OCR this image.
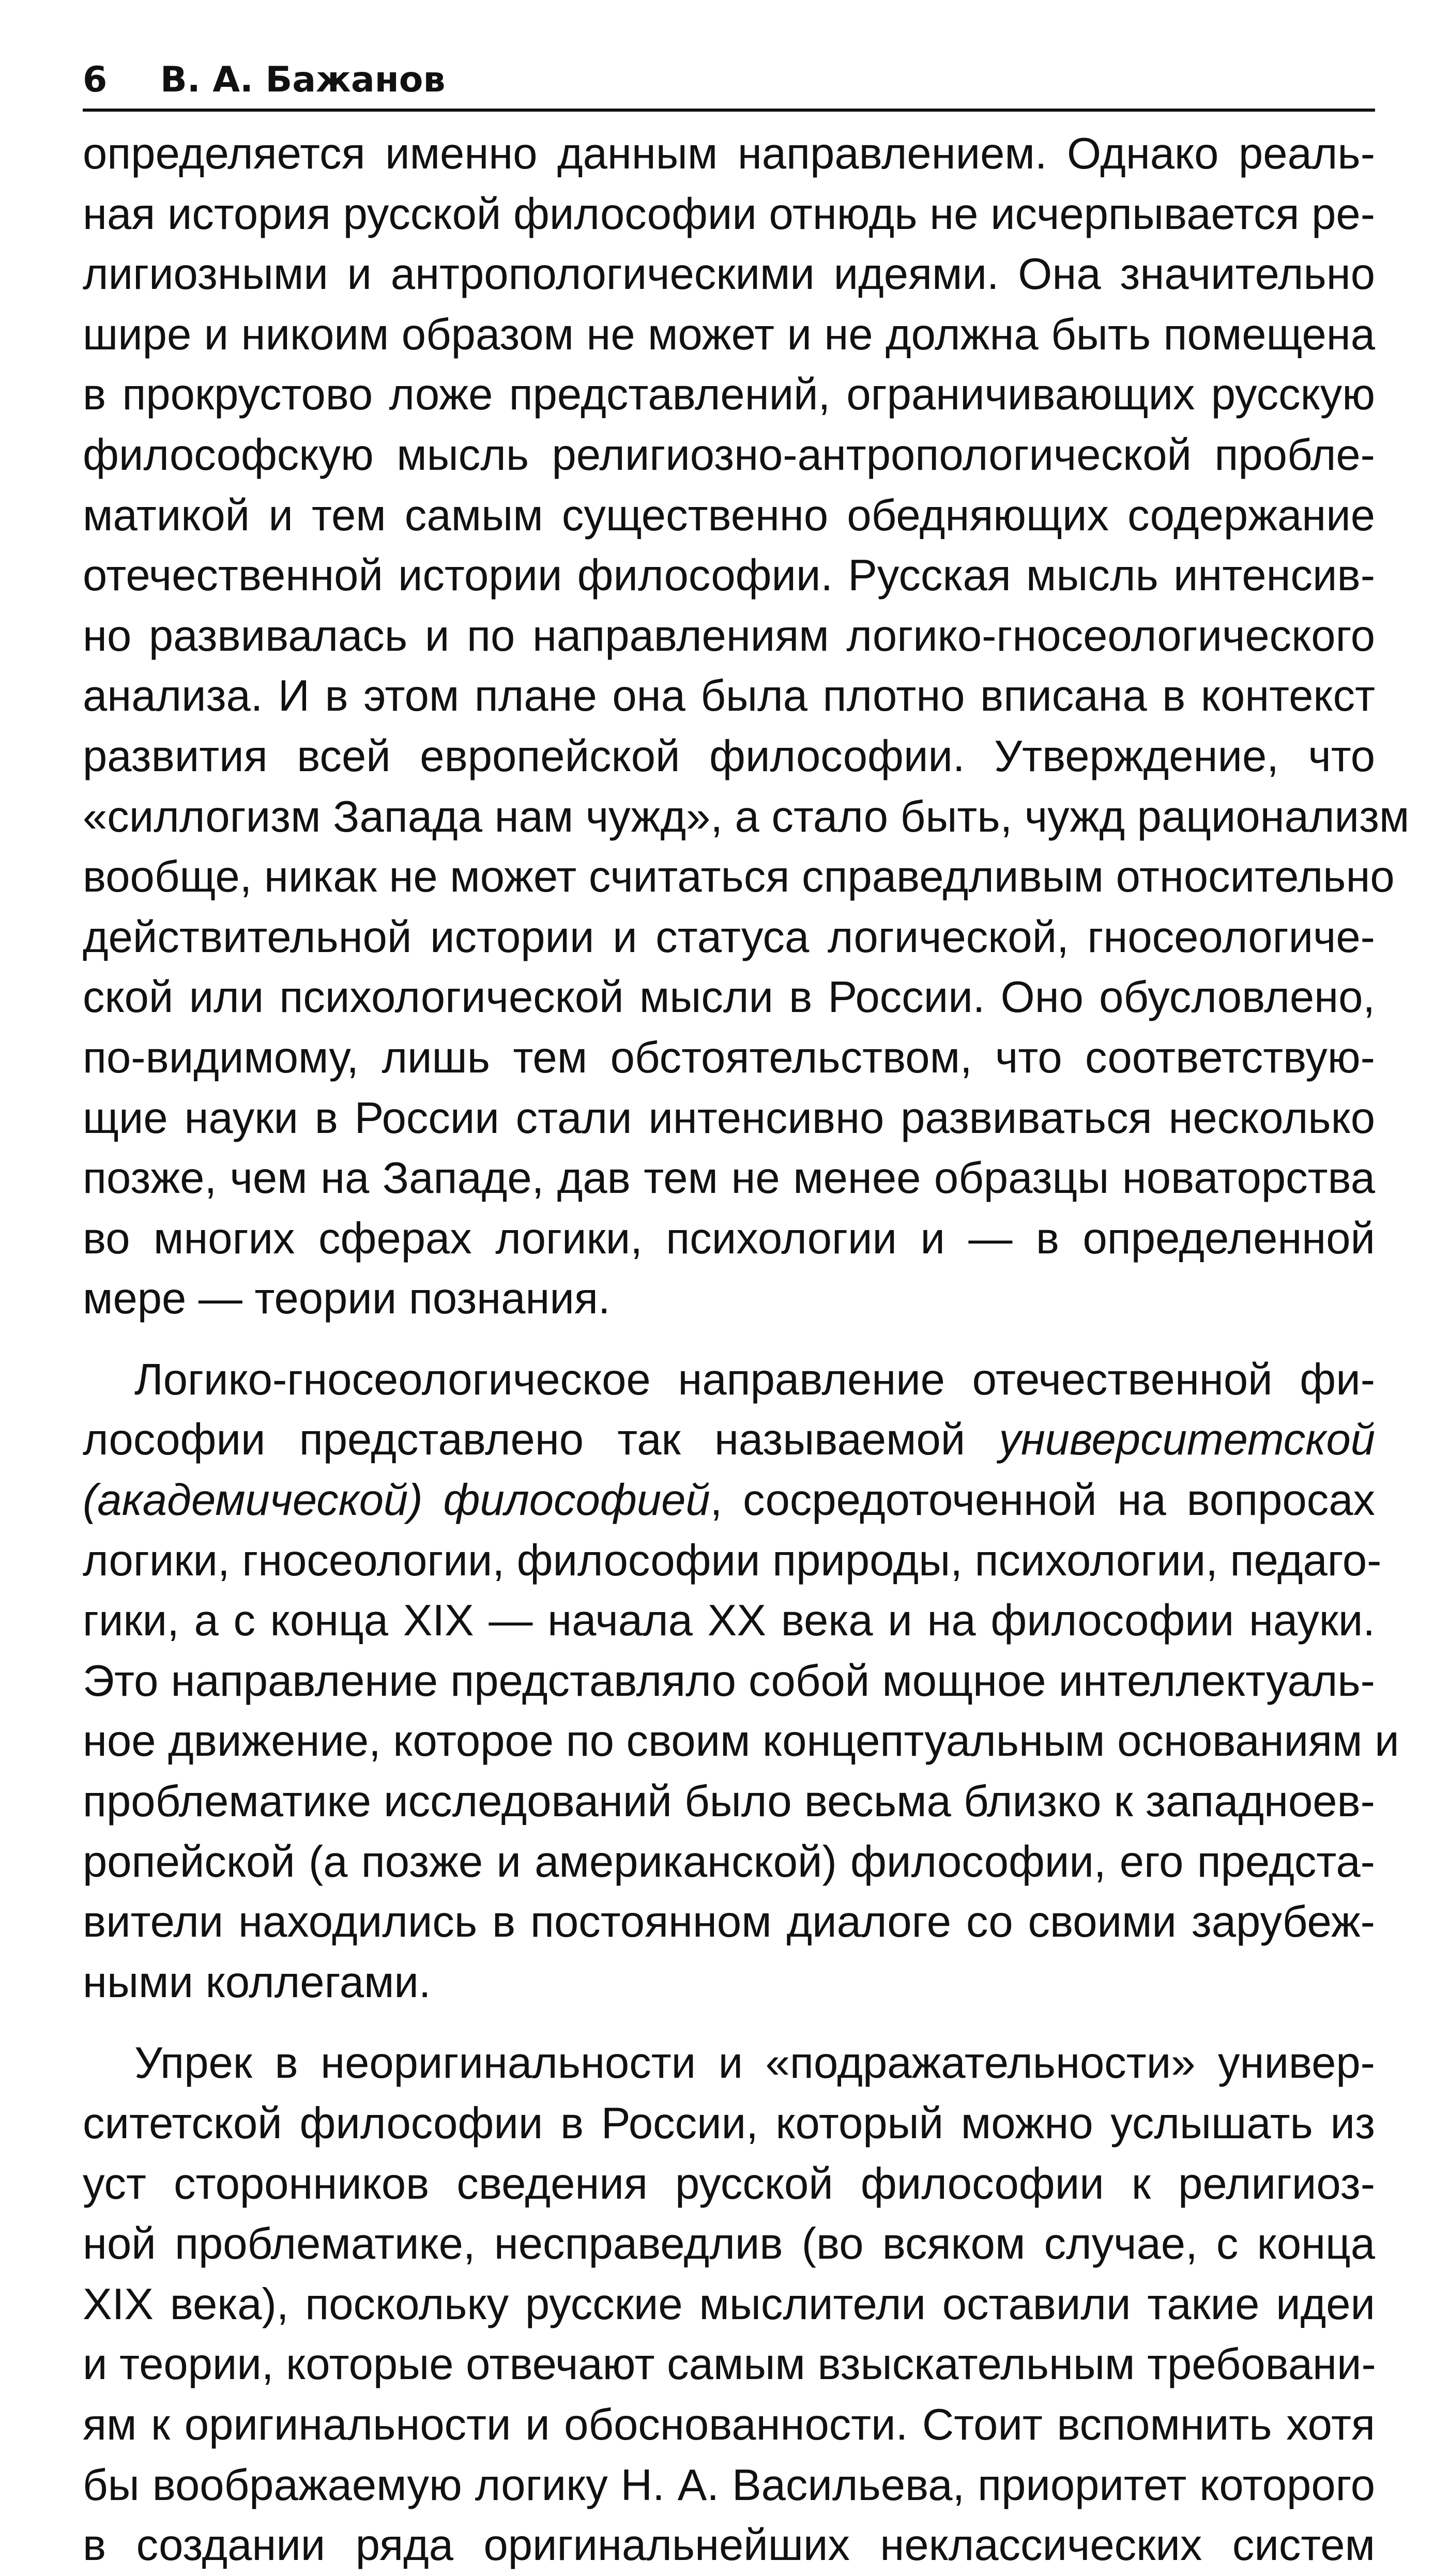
6	В. А. Бажанов
определяется именно данным направлением. Однако реаль-
ная история русской философии отнюдь не исчерпывается ре-
лигиозными и антропологическими идеями. Она значительно
шире и никоим образом не может и не должна быть помещена
в прокрустово ложе представлений, ограничивающих русскую
философскую мысль религиозно-антропологической пробле-
матикой и тем самым существенно обедняющих содержание
отечественной истории философии. Русская мысль интенсив-
но развивалась и по направлениям логико-гносеологического
анализа. И в этом плане она была плотно вписана в контекст
развития всей европейской философии. Утверждение, что
«силлогизм Запада нам чужд», а стало быть, чужд рационализм
вообще, никак не может считаться справедливым относительно
действительной истории и статуса логической, гносеологиче-
ской или психологической мысли в России. Оно обусловлено,
по-видимому, лишь тем обстоятельством, что соответствую-
щие науки в России стали интенсивно развиваться несколько
позже, чем на Западе, дав тем не менее образцы новаторства
во многих сферах логики, психологии и — в определенной
мере — теории познания.
Логико-гносеологическое направление отечественной фи-
лософии представлено так называемой университетской
(академической) философией, сосредоточенной на вопросах
логики, гносеологии, философии природы, психологии, педаго-
гики, а с конца XIX — начала XX века и на философии науки.
Это направление представляло собой мощное интеллектуаль-
ное движение, которое по своим концептуальным основаниям и
проблематике исследований было весьма близко к западноев-
ропейской (а позже и американской) философии, его предста-
вители находились в постоянном диалоге со своими зарубеж-
ными коллегами.
Упрек в неоригинальности и «подражательности» универ-
ситетской философии в России, который можно услышать из
уст сторонников сведения русской философии к религиоз-
ной проблематике, несправедлив (во всяком случае, с конца
XIX века), поскольку русские мыслители оставили такие идеи
и теории, которые отвечают самым взыскательным требовани-
ям к оригинальности и обоснованности. Стоит вспомнить хотя
бы воображаемую логику Н. А. Васильева, приоритет которого
в создании ряда оригинальнейших неклассических систем
